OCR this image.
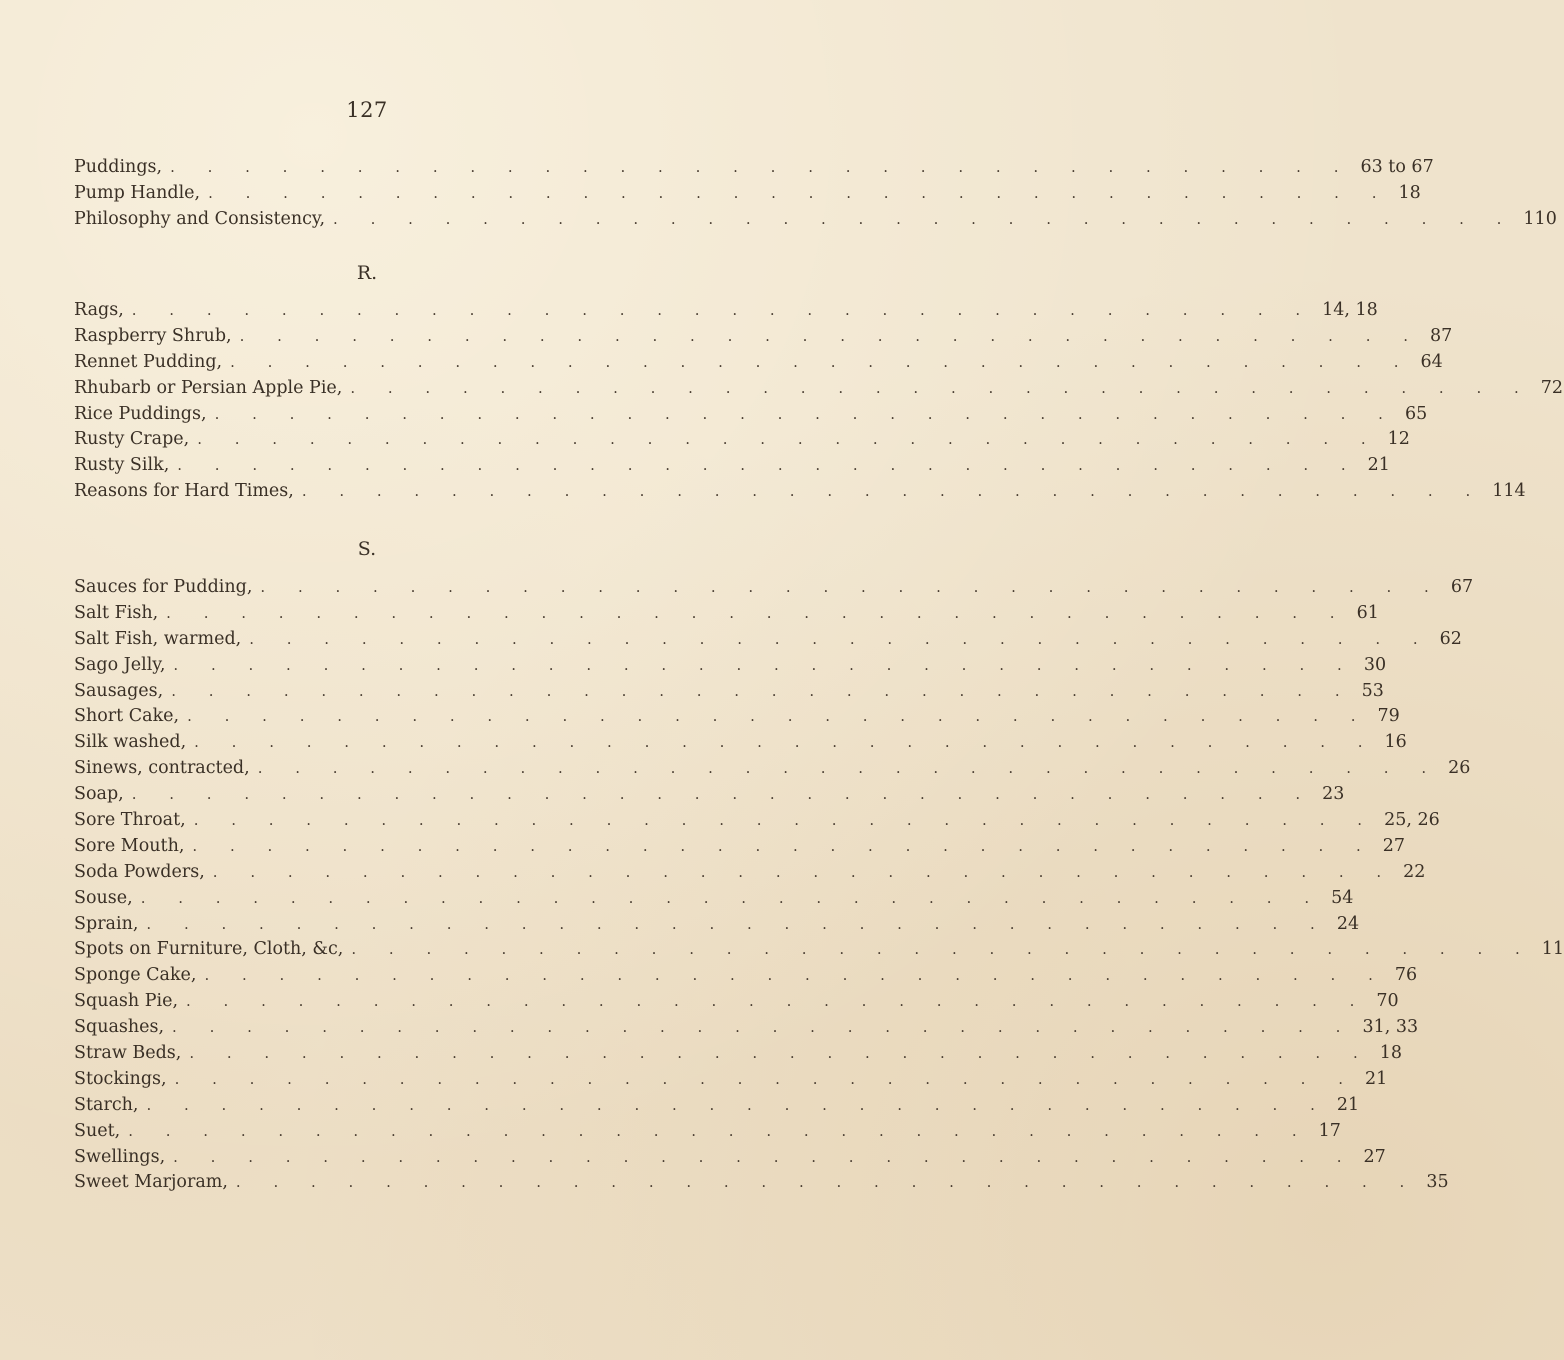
127
Puddings, . . . . . . . . . . . . . . . . . . . . . . . . . . . . . . . . 63 to 67
Pump Handle, . . . . . . . . . . . . . . . . . . . . . . . . . . . . . . . . 18
Philosophy and Consistency, . . . . . . . . . . . . . . . . . . . . . . . . . . . . . . . . 110
R.
Rags, . . . . . . . . . . . . . . . . . . . . . . . . . . . . . . . . 14, 18
Raspberry Shrub, . . . . . . . . . . . . . . . . . . . . . . . . . . . . . . . . 87
Rennet Pudding, . . . . . . . . . . . . . . . . . . . . . . . . . . . . . . . . 64
Rhubarb or Persian Apple Pie, . . . . . . . . . . . . . . . . . . . . . . . . . . . . . . . . 72
Rice Puddings, . . . . . . . . . . . . . . . . . . . . . . . . . . . . . . . . 65
Rusty Crape, . . . . . . . . . . . . . . . . . . . . . . . . . . . . . . . . 12
Rusty Silk, . . . . . . . . . . . . . . . . . . . . . . . . . . . . . . . . 21
Reasons for Hard Times, . . . . . . . . . . . . . . . . . . . . . . . . . . . . . . . . 114
S.
Sauces for Pudding, . . . . . . . . . . . . . . . . . . . . . . . . . . . . . . . . 67
Salt Fish, . . . . . . . . . . . . . . . . . . . . . . . . . . . . . . . . 61
Salt Fish, warmed, . . . . . . . . . . . . . . . . . . . . . . . . . . . . . . . . 62
Sago Jelly, . . . . . . . . . . . . . . . . . . . . . . . . . . . . . . . . 30
Sausages, . . . . . . . . . . . . . . . . . . . . . . . . . . . . . . . . 53
Short Cake, . . . . . . . . . . . . . . . . . . . . . . . . . . . . . . . . 79
Silk washed, . . . . . . . . . . . . . . . . . . . . . . . . . . . . . . . . 16
Sinews, contracted, . . . . . . . . . . . . . . . . . . . . . . . . . . . . . . . . 26
Soap, . . . . . . . . . . . . . . . . . . . . . . . . . . . . . . . . 23
Sore Throat, . . . . . . . . . . . . . . . . . . . . . . . . . . . . . . . . 25, 26
Sore Mouth, . . . . . . . . . . . . . . . . . . . . . . . . . . . . . . . . 27
Soda Powders, . . . . . . . . . . . . . . . . . . . . . . . . . . . . . . . . 22
Souse, . . . . . . . . . . . . . . . . . . . . . . . . . . . . . . . . 54
Sprain, . . . . . . . . . . . . . . . . . . . . . . . . . . . . . . . . 24
Spots on Furniture, Cloth, &c, . . . . . . . . . . . . . . . . . . . . . . . . . . . . . . . . 11
Sponge Cake, . . . . . . . . . . . . . . . . . . . . . . . . . . . . . . . . 76
Squash Pie, . . . . . . . . . . . . . . . . . . . . . . . . . . . . . . . . 70
Squashes, . . . . . . . . . . . . . . . . . . . . . . . . . . . . . . . . 31, 33
Straw Beds, . . . . . . . . . . . . . . . . . . . . . . . . . . . . . . . . 18
Stockings, . . . . . . . . . . . . . . . . . . . . . . . . . . . . . . . . 21
Starch, . . . . . . . . . . . . . . . . . . . . . . . . . . . . . . . . 21
Suet, . . . . . . . . . . . . . . . . . . . . . . . . . . . . . . . . 17
Swellings, . . . . . . . . . . . . . . . . . . . . . . . . . . . . . . . . 27
Sweet Marjoram, . . . . . . . . . . . . . . . . . . . . . . . . . . . . . . . . 35
